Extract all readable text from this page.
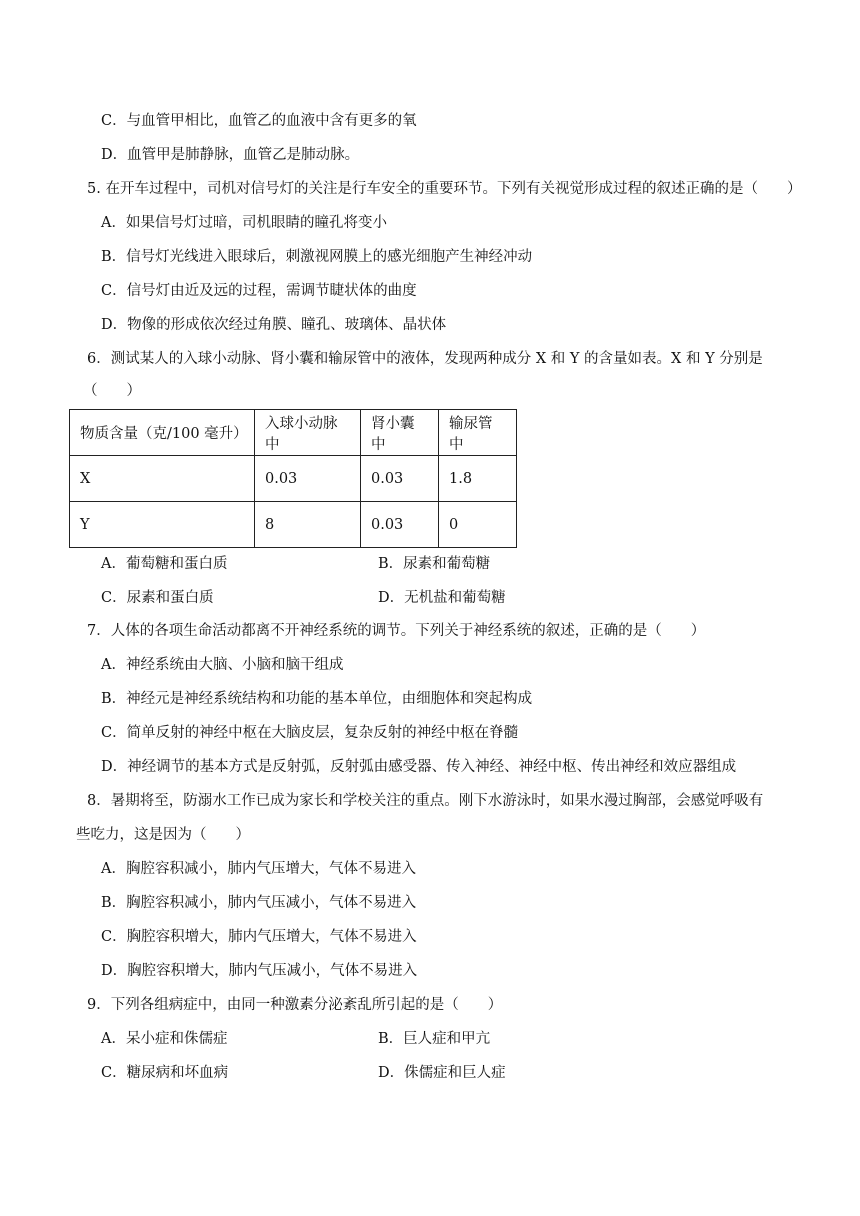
C．与血管甲相比，血管乙的血液中含有更多的氧
D．血管甲是肺静脉，血管乙是肺动脉。
5. 在开车过程中，司机对信号灯的关注是行车安全的重要环节。下列有关视觉形成过程的叙述正确的是（　　）
A．如果信号灯过暗，司机眼睛的瞳孔将变小
B．信号灯光线进入眼球后，刺激视网膜上的感光细胞产生神经冲动
C．信号灯由近及远的过程，需调节睫状体的曲度
D．物像的形成依次经过角膜、瞳孔、玻璃体、晶状体
6．测试某人的入球小动脉、肾小囊和输尿管中的液体，发现两种成分 X 和 Y 的含量如表。X 和 Y 分别是
（　　）
物质含量（克/100 毫升）	入球小动脉中	肾小囊中	输尿管中
X	0.03	0.03	1.8
Y	8	0.03	0
A．葡萄糖和蛋白质	B．尿素和葡萄糖
C．尿素和蛋白质	D．无机盐和葡萄糖
7．人体的各项生命活动都离不开神经系统的调节。下列关于神经系统的叙述，正确的是（　　）
A．神经系统由大脑、小脑和脑干组成
B．神经元是神经系统结构和功能的基本单位，由细胞体和突起构成
C．简单反射的神经中枢在大脑皮层，复杂反射的神经中枢在脊髓
D．神经调节的基本方式是反射弧，反射弧由感受器、传入神经、神经中枢、传出神经和效应器组成
8．暑期将至，防溺水工作已成为家长和学校关注的重点。刚下水游泳时，如果水漫过胸部，会感觉呼吸有
些吃力，这是因为（　　）
A．胸腔容积减小，肺内气压增大，气体不易进入
B．胸腔容积减小，肺内气压减小，气体不易进入
C．胸腔容积增大，肺内气压增大，气体不易进入
D．胸腔容积增大，肺内气压减小，气体不易进入
9．下列各组病症中，由同一种激素分泌紊乱所引起的是（　　）
A．呆小症和侏儒症	B．巨人症和甲亢
C．糖尿病和坏血病	D．侏儒症和巨人症
